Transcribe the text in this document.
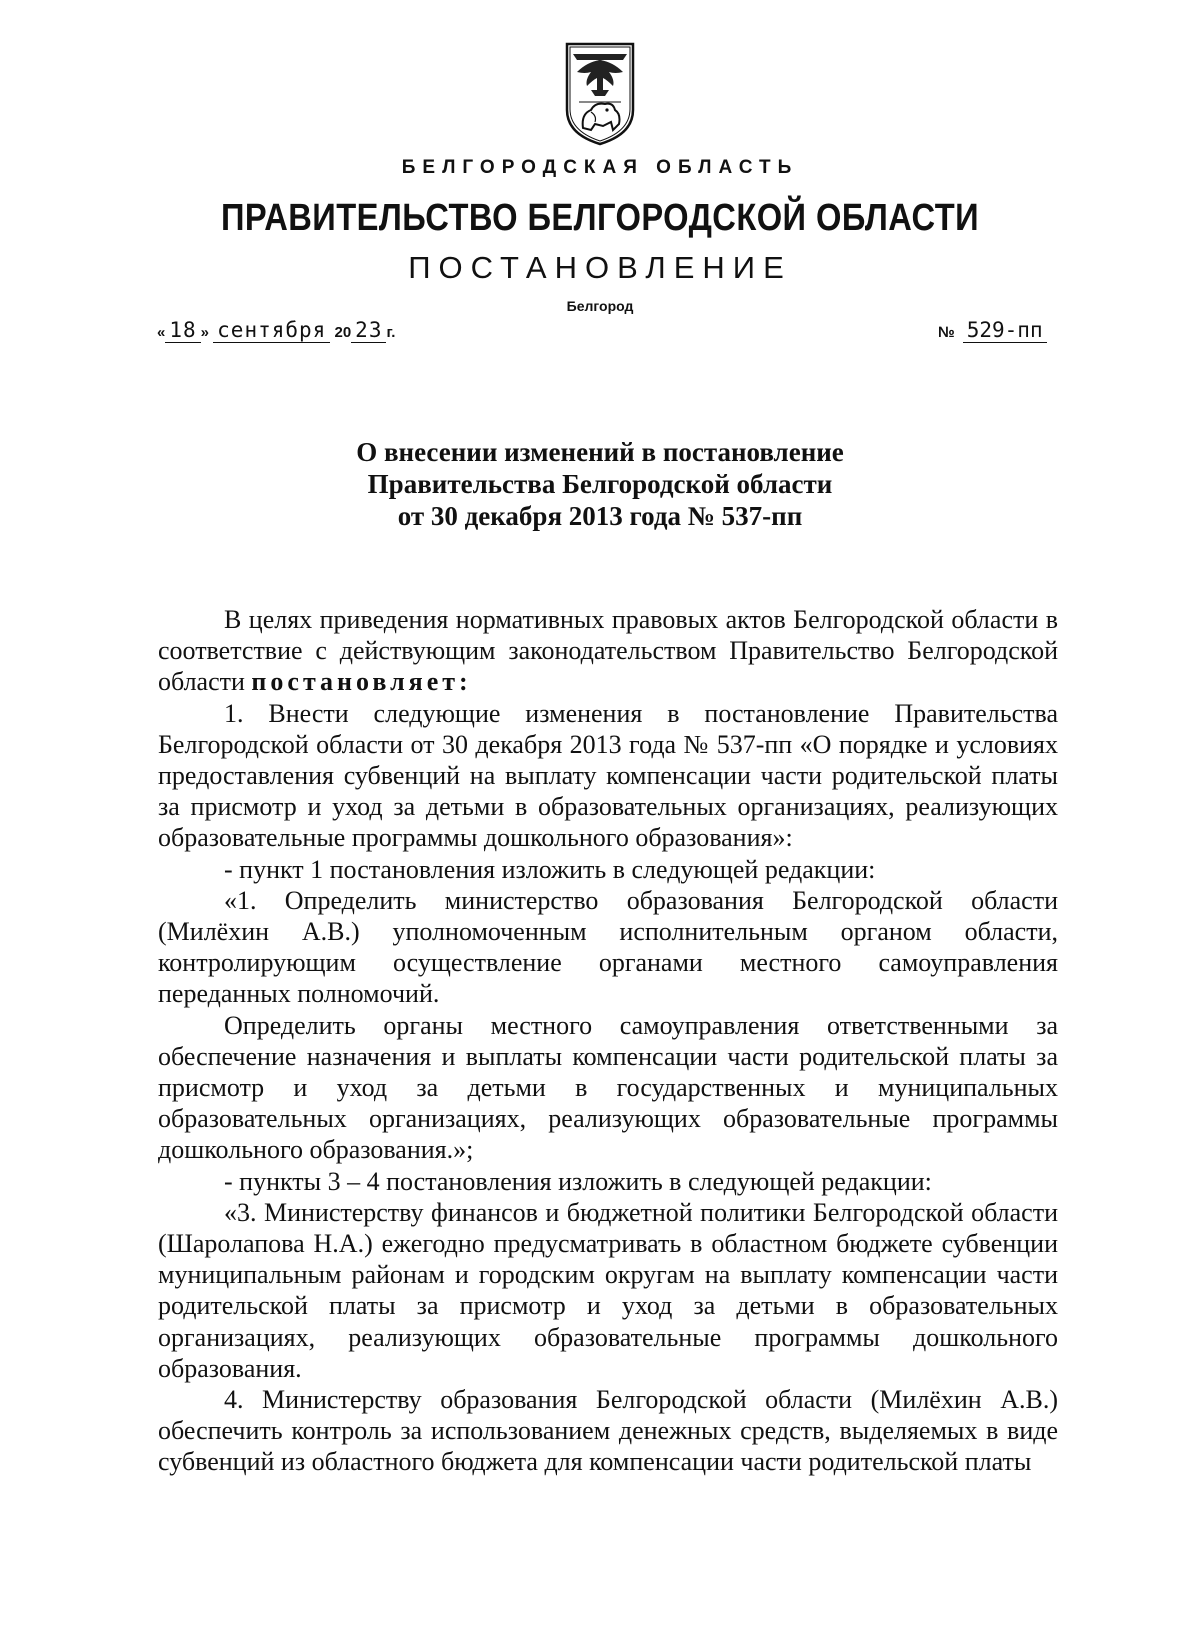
БЕЛГОРОДСКАЯ ОБЛАСТЬ
ПРАВИТЕЛЬСТВО БЕЛГОРОДСКОЙ ОБЛАСТИ
ПОСТАНОВЛЕНИЕ
Белгород
« 18 » сентября 20 23 г.	№ 529-пп
О внесении изменений в постановление
Правительства Белгородской области
от 30 декабря 2013 года № 537-пп

В целях приведения нормативных правовых актов Белгородской области в соответствие с действующим законодательством Правительство Белгородской области постановляет:

1. Внести следующие изменения в постановление Правительства Белгородской области от 30 декабря 2013 года № 537-пп «О порядке и условиях предоставления субвенций на выплату компенсации части родительской платы за присмотр и уход за детьми в образовательных организациях, реализующих образовательные программы дошкольного образования»:

- пункт 1 постановления изложить в следующей редакции:

«1. Определить министерство образования Белгородской области (Милёхин А.В.) уполномоченным исполнительным органом области, контролирующим осуществление органами местного самоуправления переданных полномочий.

Определить органы местного самоуправления ответственными за обеспечение назначения и выплаты компенсации части родительской платы за присмотр и уход за детьми в государственных и муниципальных образовательных организациях, реализующих образовательные программы дошкольного образования.»;

- пункты 3 – 4 постановления изложить в следующей редакции:

«3. Министерству финансов и бюджетной политики Белгородской области (Шаролапова Н.А.) ежегодно предусматривать в областном бюджете субвенции муниципальным районам и городским округам на выплату компенсации части родительской платы за присмотр и уход за детьми в образовательных организациях, реализующих образовательные программы дошкольного образования.

4. Министерству образования Белгородской области (Милёхин А.В.) обеспечить контроль за использованием денежных средств, выделяемых в виде субвенций из областного бюджета для компенсации части родительской платы
